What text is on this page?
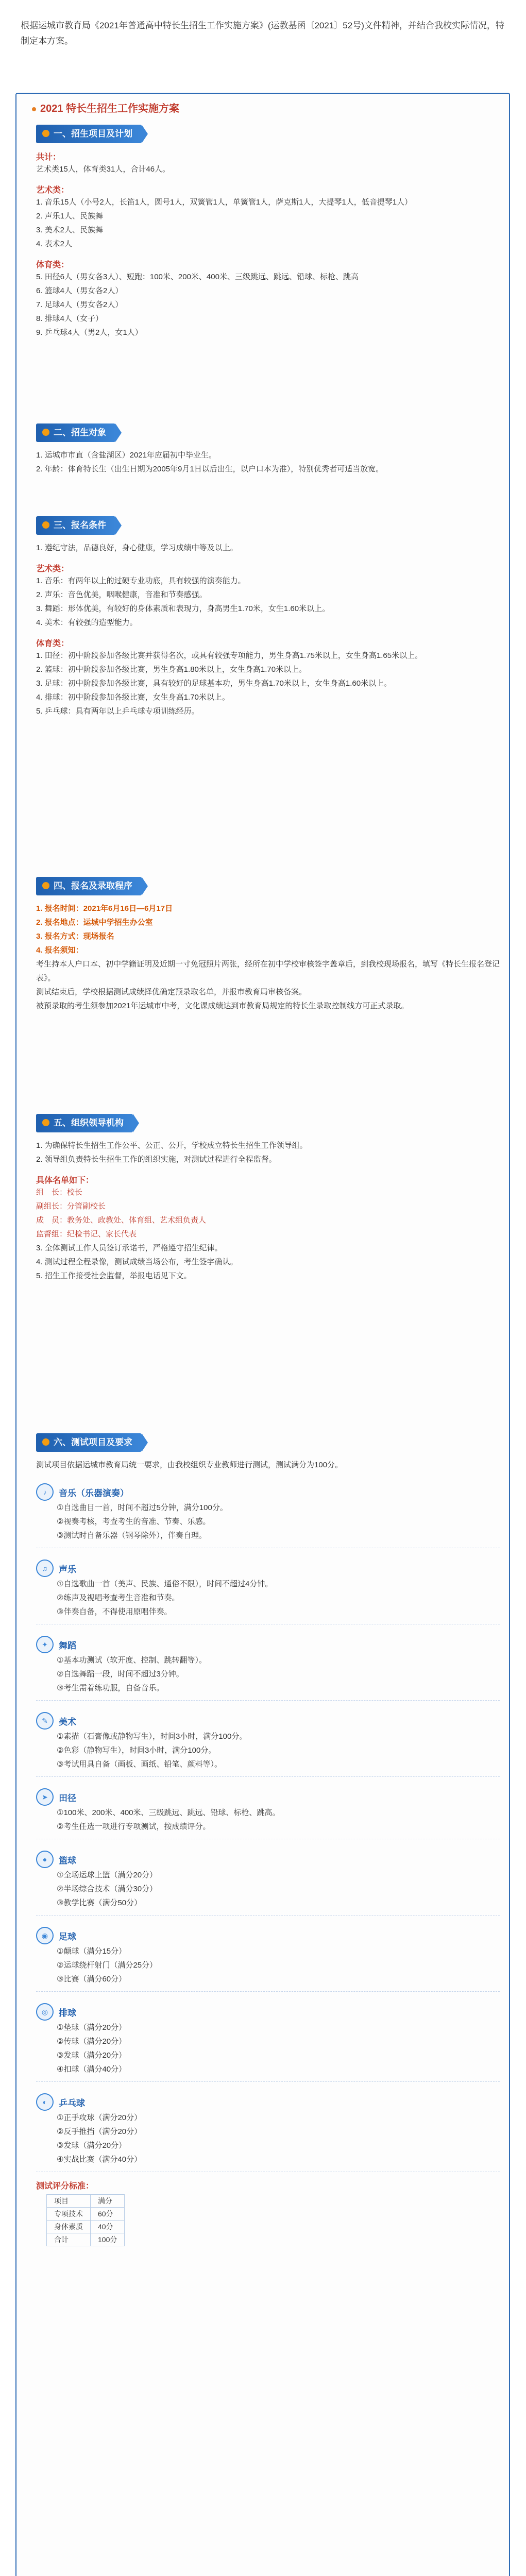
根据运城市教育局《2021年普通高中特长生招生工作实施方案》(运教基函〔2021〕52号)文件精神，并结合我校实际情况，特制定本方案。

2021 特长生招生工作实施方案
一、招生项目及计划
共计：

艺术类15人，体育类31人，合计46人。

艺术类：

1. 音乐15人（小号2人，长笛1人，圆号1人，双簧管1人，单簧管1人，萨克斯1人，大提琴1人，低音提琴1人）

2. 声乐1人、民族舞

3. 美术2人、民族舞

4. 表术2人

体育类：

5. 田径6人（男女各3人）、短跑：100米、200米、400米、三级跳远、跳远、铅球、标枪、跳高

6. 篮球4人（男女各2人）

7. 足球4人（男女各2人）

8. 排球4人（女子）

9. 乒乓球4人（男2人，女1人）

二、招生对象

1. 运城市市直（含盐湖区）2021年应届初中毕业生。

2. 年龄：体育特长生（出生日期为2005年9月1日以后出生，以户口本为准），特别优秀者可适当放宽。

三、报名条件

1. 遵纪守法，品德良好，身心健康，学习成绩中等及以上。

艺术类：

1. 音乐：有两年以上的过硬专业功底，具有较强的演奏能力。

2. 声乐：音色优美，咽喉健康，音准和节奏感强。

3. 舞蹈：形体优美，有较好的身体素质和表现力，身高男生1.70米，女生1.60米以上。

4. 美术：有较强的造型能力。

体育类：

1. 田径：初中阶段参加各级比赛并获得名次，或具有较强专项能力，男生身高1.75米以上，女生身高1.65米以上。

2. 篮球：初中阶段参加各级比赛，男生身高1.80米以上，女生身高1.70米以上。

3. 足球：初中阶段参加各级比赛，具有较好的足球基本功，男生身高1.70米以上，女生身高1.60米以上。

4. 排球：初中阶段参加各级比赛，女生身高1.70米以上。

5. 乒乓球：具有两年以上乒乓球专项训练经历。

四、报名及录取程序

1. 报名时间：2021年6月16日—6月17日

2. 报名地点：运城中学招生办公室

3. 报名方式：现场报名

4. 报名须知：

考生持本人户口本、初中学籍证明及近期一寸免冠照片两张，经所在初中学校审核签字盖章后，到我校现场报名，填写《特长生报名登记表》。

测试结束后，学校根据测试成绩择优确定预录取名单，并报市教育局审核备案。

被预录取的考生须参加2021年运城市中考，文化课成绩达到市教育局规定的特长生录取控制线方可正式录取。

五、组织领导机构

1. 为确保特长生招生工作公平、公正、公开，学校成立特长生招生工作领导组。

2. 领导组负责特长生招生工作的组织实施，对测试过程进行全程监督。

具体名单如下：

组　长：校长

副组长：分管副校长

成　员：教务处、政教处、体育组、艺术组负责人

监督组：纪检书记、家长代表

3. 全体测试工作人员签订承诺书，严格遵守招生纪律。

4. 测试过程全程录像，测试成绩当场公布，考生签字确认。

5. 招生工作接受社会监督，举报电话见下文。

六、测试项目及要求

测试项目依据运城市教育局统一要求，由我校组织专业教师进行测试，测试满分为100分。

♪	音乐（乐器演奏）

①自选曲目一首，时间不超过5分钟，满分100分。

②视奏考核，考查考生的音准、节奏、乐感。

③测试时自备乐器（钢琴除外），伴奏自理。

♫	声乐

①自选歌曲一首（美声、民族、通俗不限），时间不超过4分钟。

②练声及视唱考查考生音准和节奏。

③伴奏自备，不得使用原唱伴奏。

✦	舞蹈

①基本功测试（软开度、控制、跳转翻等）。

②自选舞蹈一段，时间不超过3分钟。

③考生需着练功服，自备音乐。

✎	美术

①素描（石膏像或静物写生），时间3小时，满分100分。

②色彩（静物写生），时间3小时，满分100分。

③考试用具自备（画板、画纸、铅笔、颜料等）。

➤	田径

①100米、200米、400米、三级跳远、跳远、铅球、标枪、跳高。

②考生任选一项进行专项测试，按成绩评分。

●	篮球

①全场运球上篮（满分20分）

②半场综合技术（满分30分）

③教学比赛（满分50分）

◉	足球

①颠球（满分15分）

②运球绕杆射门（满分25分）

③比赛（满分60分）

◎	排球

①垫球（满分20分）

②传球（满分20分）

③发球（满分20分）

④扣球（满分40分）

◐	乒乓球

①正手攻球（满分20分）

②反手推挡（满分20分）

③发球（满分20分）

④实战比赛（满分40分）

测试评分标准：
项目	满分
专项技术	60分
身体素质	40分
合计	100分
